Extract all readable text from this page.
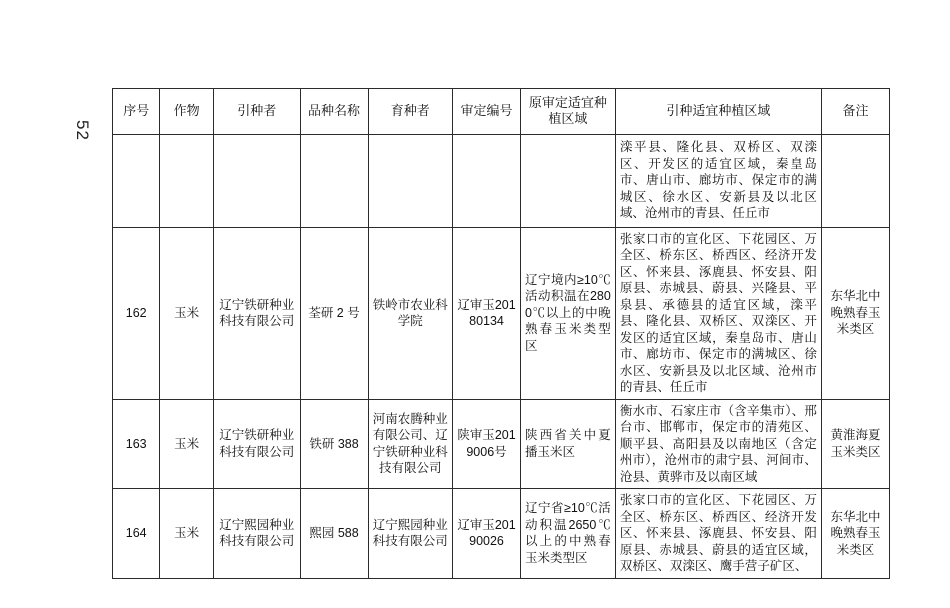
52
序号	作物	引种者	品种名称	育种者	审定编号	原审定适宜种植区域	引种适宜种植区域	备注
							滦平县、隆化县、双桥区、双滦区、开发区的适宜区域，秦皇岛市、唐山市、廊坊市、保定市的满城区、徐水区、安新县及以北区域、沧州市的青县、任丘市	
162	玉米	辽宁铁研种业科技有限公司	荃研 2 号	铁岭市农业科学院	辽审玉20180134	辽宁境内≥10℃活动积温在2800℃以上的中晚熟春玉米类型区	张家口市的宣化区、下花园区、万全区、桥东区、桥西区、经济开发区、怀来县、涿鹿县、怀安县、阳原县、赤城县、蔚县、兴隆县、平泉县、承德县的适宜区域，滦平县、隆化县、双桥区、双滦区、开发区的适宜区域，秦皇岛市、唐山市、廊坊市、保定市的满城区、徐水区、安新县及以北区域、沧州市的青县、任丘市	东华北中晚熟春玉米类区
163	玉米	辽宁铁研种业科技有限公司	铁研 388	河南农腾种业有限公司、辽宁铁研种业科技有限公司	陕审玉2019006号	陕西省关中夏播玉米区	衡水市、石家庄市（含辛集市）、邢台市、邯郸市，保定市的清苑区、顺平县、高阳县及以南地区（含定州市），沧州市的肃宁县、河间市、沧县、黄骅市及以南区域	黄淮海夏玉米类区
164	玉米	辽宁熙园种业科技有限公司	熙园 588	辽宁熙园种业科技有限公司	辽审玉20190026	辽宁省≥10℃活动积温2650℃以上的中熟春玉米类型区	张家口市的宣化区、下花园区、万全区、桥东区、桥西区、经济开发区、怀来县、涿鹿县、怀安县、阳原县、赤城县、蔚县的适宜区域，双桥区、双滦区、鹰手营子矿区、	东华北中晚熟春玉米类区
